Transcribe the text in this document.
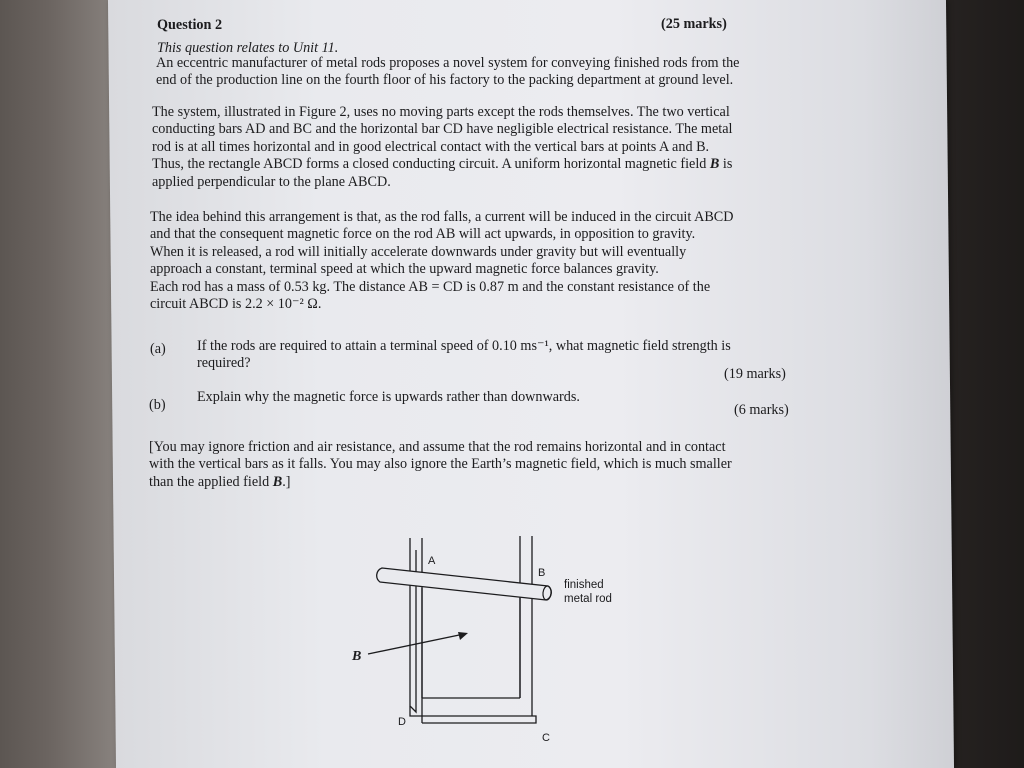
Question 2	(25 marks)
This question relates to Unit 11.
An eccentric manufacturer of metal rods proposes a novel system for conveying finished rods from the
end of the production line on the fourth floor of his factory to the packing department at ground level.
The system, illustrated in Figure 2, uses no moving parts except the rods themselves. The two vertical
conducting bars AD and BC and the horizontal bar CD have negligible electrical resistance. The metal
rod is at all times horizontal and in good electrical contact with the vertical bars at points A and B.
Thus, the rectangle ABCD forms a closed conducting circuit. A uniform horizontal magnetic field B is
applied perpendicular to the plane ABCD.
The idea behind this arrangement is that, as the rod falls, a current will be induced in the circuit ABCD
and that the consequent magnetic force on the rod AB will act upwards, in opposition to gravity.
When it is released, a rod will initially accelerate downwards under gravity but will eventually
approach a constant, terminal speed at which the upward magnetic force balances gravity.
Each rod has a mass of 0.53 kg. The distance AB = CD is 0.87 m and the constant resistance of the
circuit ABCD is 2.2 × 10⁻² Ω.
(a) If the rods are required to attain a terminal speed of 0.10 ms⁻¹, what magnetic field strength is
required?
(19 marks)
(b) Explain why the magnetic force is upwards rather than downwards.
(6 marks)
[You may ignore friction and air resistance, and assume that the rod remains horizontal and in contact
with the vertical bars as it falls. You may also ignore the Earth’s magnetic field, which is much smaller
than the applied field B.]
A
B
D
C
B
finished
metal rod
